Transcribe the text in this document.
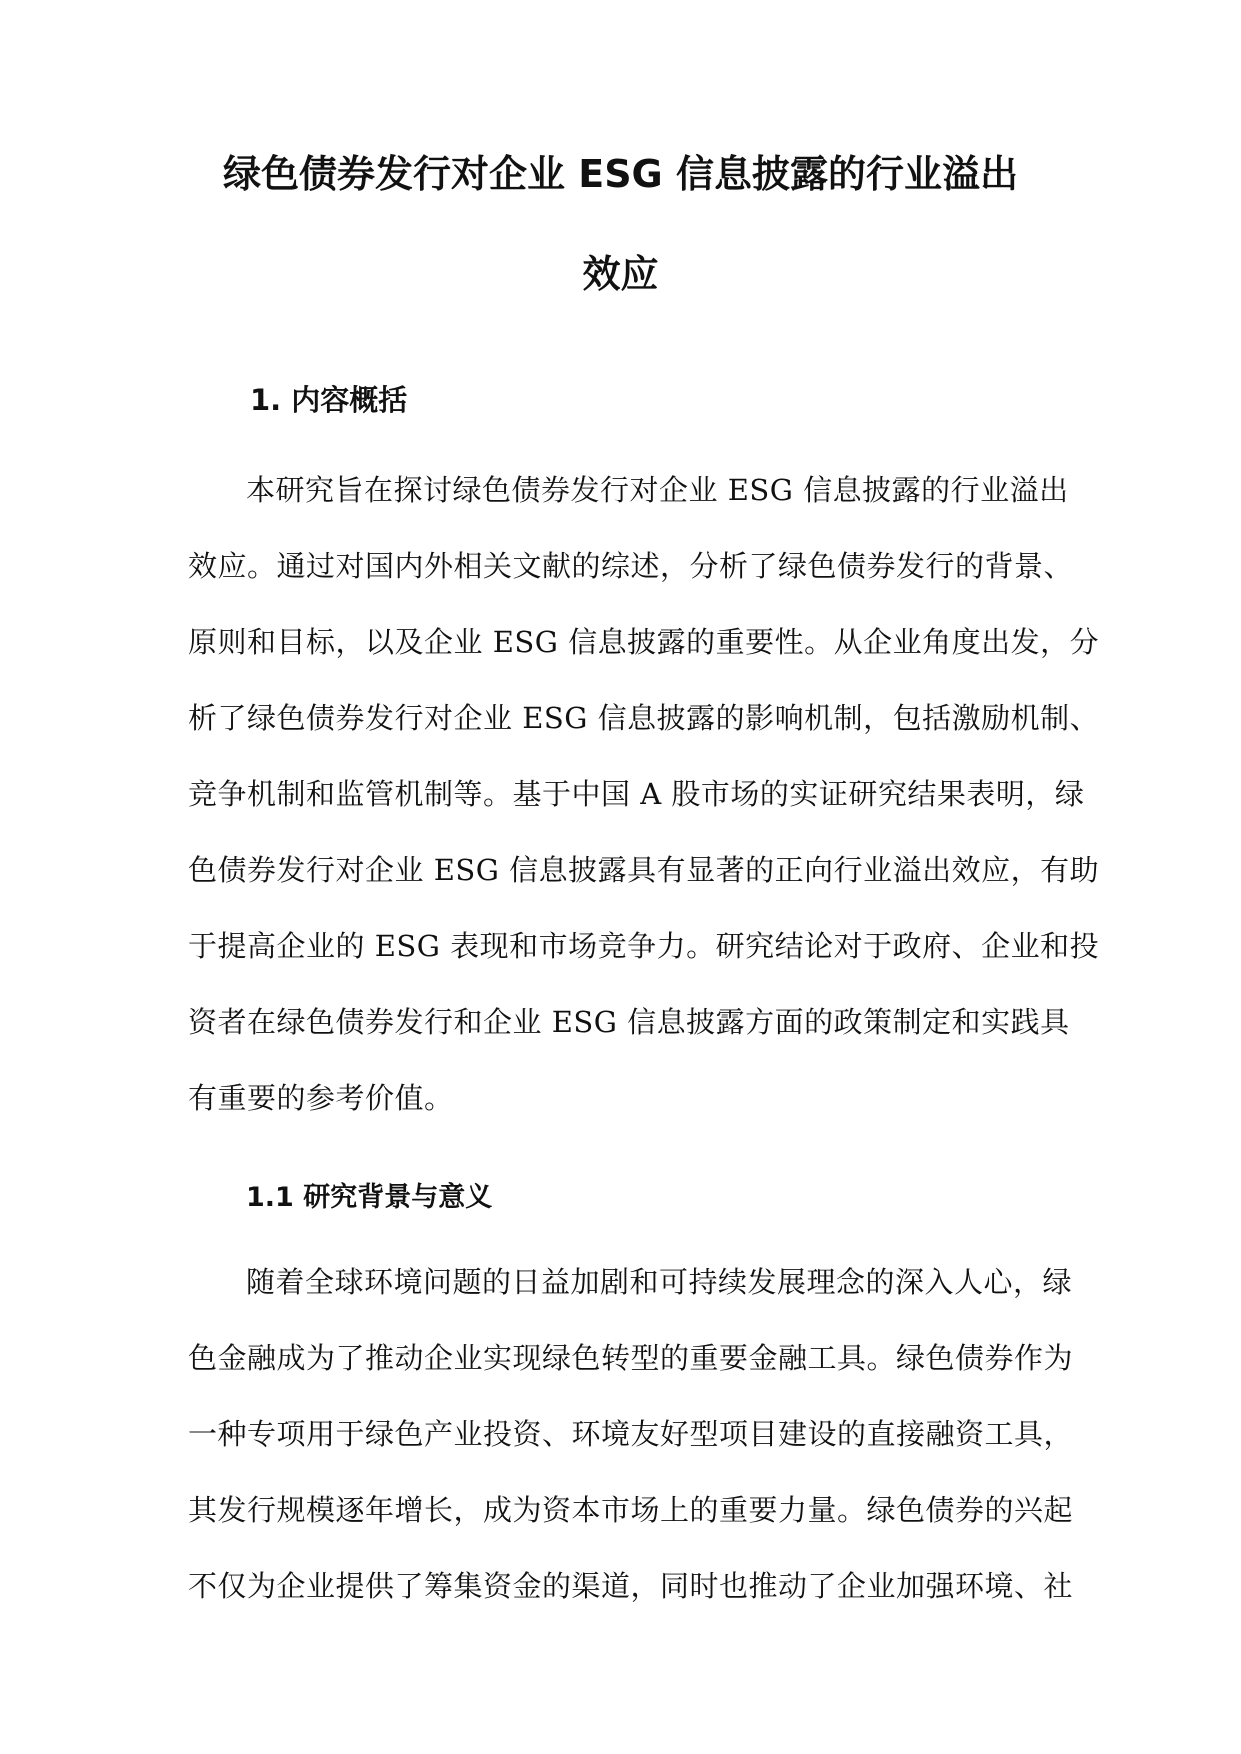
绿色债券发行对企业 ESG 信息披露的行业溢出
效应
1. 内容概括
本研究旨在探讨绿色债券发行对企业 ESG 信息披露的行业溢出
效应。通过对国内外相关文献的综述，分析了绿色债券发行的背景、
原则和目标，以及企业 ESG 信息披露的重要性。从企业角度出发，分
析了绿色债券发行对企业 ESG 信息披露的影响机制，包括激励机制、
竞争机制和监管机制等。基于中国 A 股市场的实证研究结果表明，绿
色债券发行对企业 ESG 信息披露具有显著的正向行业溢出效应，有助
于提高企业的 ESG 表现和市场竞争力。研究结论对于政府、企业和投
资者在绿色债券发行和企业 ESG 信息披露方面的政策制定和实践具
有重要的参考价值。
1.1 研究背景与意义
随着全球环境问题的日益加剧和可持续发展理念的深入人心，绿
色金融成为了推动企业实现绿色转型的重要金融工具。绿色债券作为
一种专项用于绿色产业投资、环境友好型项目建设的直接融资工具，
其发行规模逐年增长，成为资本市场上的重要力量。绿色债券的兴起
不仅为企业提供了筹集资金的渠道，同时也推动了企业加强环境、社
